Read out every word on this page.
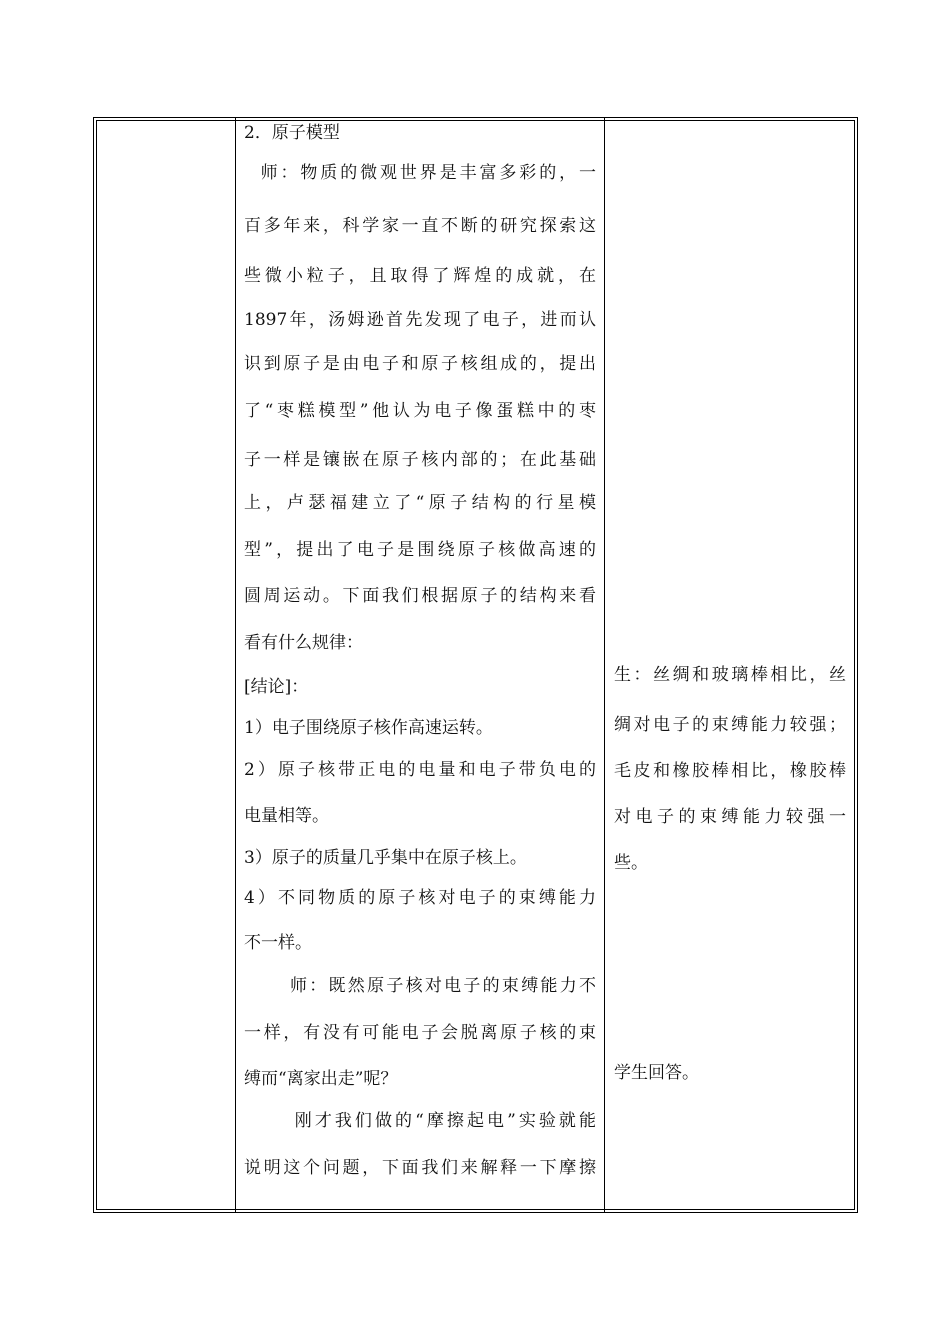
2．原子模型
师：物质的微观世界是丰富多彩的，一
百多年来，科学家一直不断的研究探索这
些微小粒子，且取得了辉煌的成就，在
1897年，汤姆逊首先发现了电子，进而认
识到原子是由电子和原子核组成的，提出
了“枣糕模型”他认为电子像蛋糕中的枣
子一样是镶嵌在原子核内部的；在此基础
上，卢瑟福建立了“原子结构的行星模
型”，提出了电子是围绕原子核做高速的
圆周运动。下面我们根据原子的结构来看
看有什么规律：
[结论]：
1）电子围绕原子核作高速运转。
2）原子核带正电的电量和电子带负电的
电量相等。
3）原子的质量几乎集中在原子核上。
4）不同物质的原子核对电子的束缚能力
不一样。
师：既然原子核对电子的束缚能力不
一样，有没有可能电子会脱离原子核的束
缚而“离家出走”呢？
刚才我们做的“摩擦起电”实验就能
说明这个问题，下面我们来解释一下摩擦
生：丝绸和玻璃棒相比，丝
绸对电子的束缚能力较强；
毛皮和橡胶棒相比，橡胶棒
对电子的束缚能力较强一
些。
学生回答。
